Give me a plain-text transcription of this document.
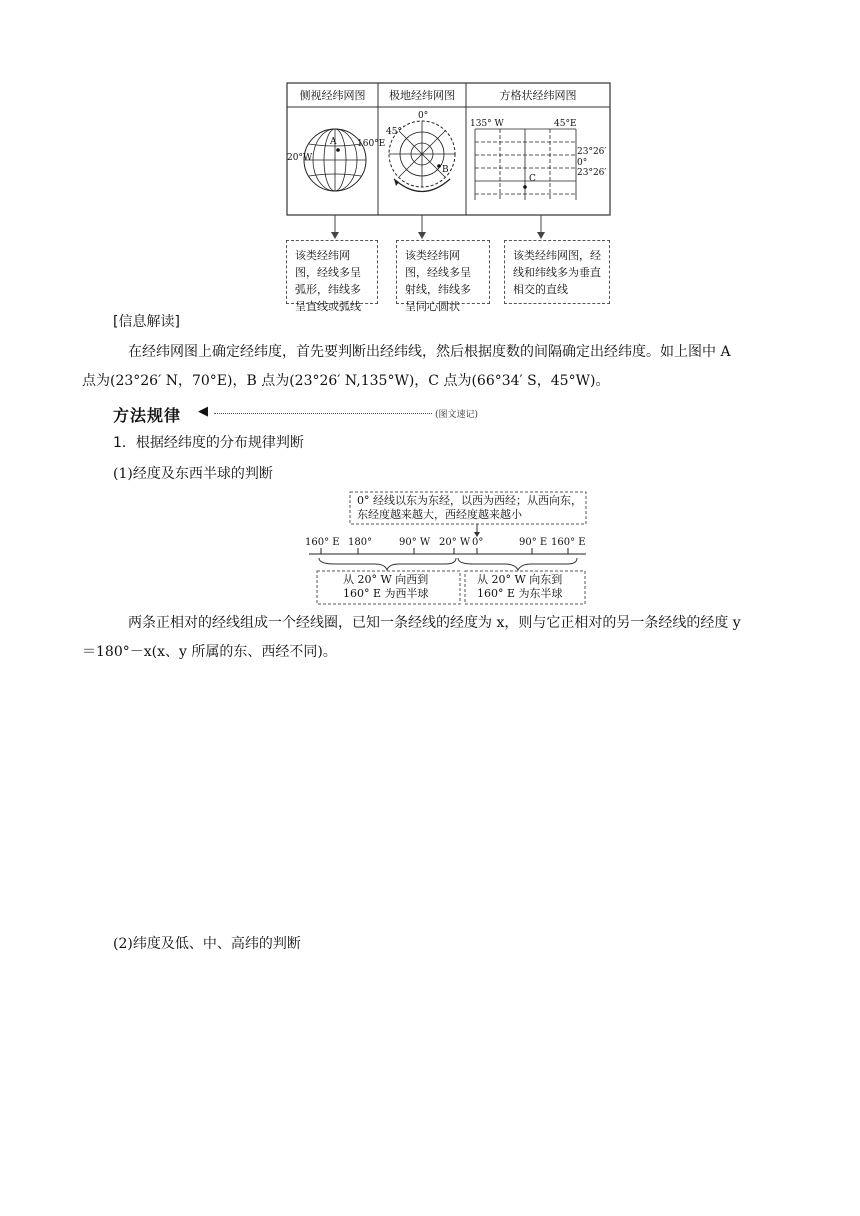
侧视经纬网图	极地经纬网图	方格状经纬网图
A 160°E
20°W
0°
45°
B
135° W	45°E
23°26′
0°
23°26′
C
该类经纬网图，经线多呈弧形，纬线多呈直线或弧线
该类经纬网图，经线多呈射线，纬线多呈同心圆状
该类经纬网图，经线和纬线多为垂直相交的直线
[信息解读]
在经纬网图上确定经纬度，首先要判断出经纬线，然后根据度数的间隔确定出经纬度。如上图中 A
点为(23°26′ N，70°E)，B 点为(23°26′ N,135°W)，C 点为(66°34′ S，45°W)。
方法规律 ◀	(图文速记)
1．根据经纬度的分布规律判断
(1)经度及东西半球的判断
0° 经线以东为东经，以西为西经；从西向东，
东经度越来越大，西经度越来越小
160° E 180°	90° W 20° W 0°	90° E 160° E
从 20° W 向西到
160° E 为西半球
从 20° W 向东到
160° E 为东半球
两条正相对的经线组成一个经线圈，已知一条经线的经度为 x，则与它正相对的另一条经线的经度 y
＝180°－x(x、y 所属的东、西经不同)。
(2)纬度及低、中、高纬的判断
